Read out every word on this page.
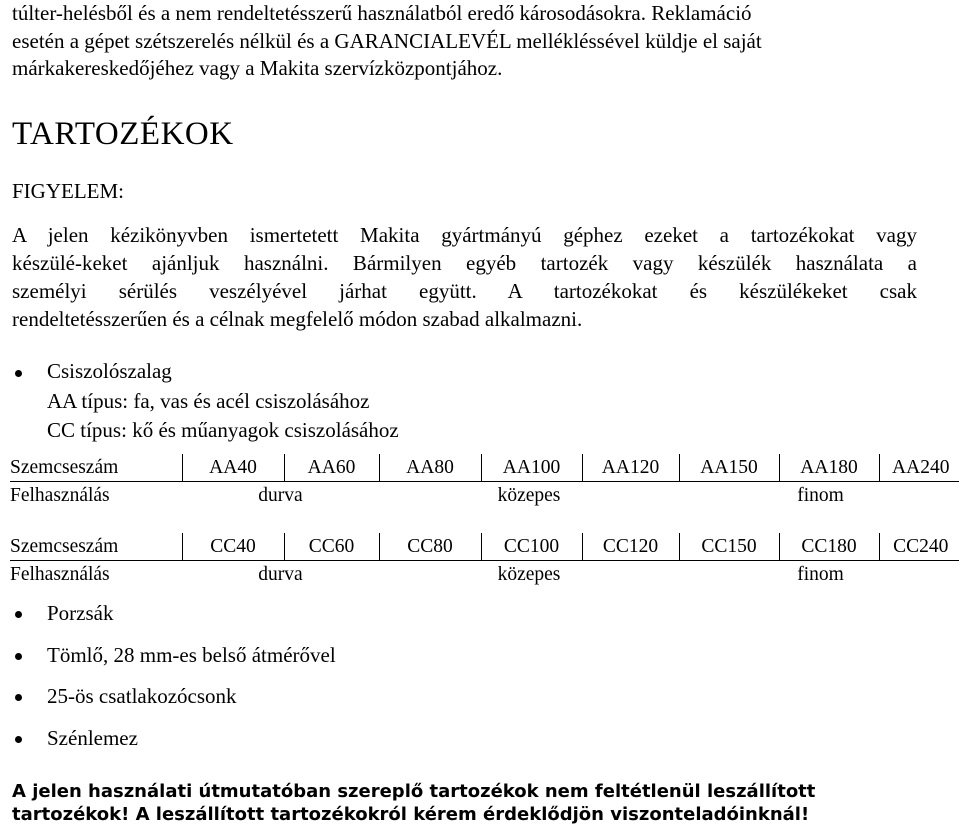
túlter-helésből és a nem rendeltetésszerű használatból eredő károsodásokra. Reklamáció
esetén a gépet szétszerelés nélkül és a GARANCIALEVÉL mellékléssével küldje el saját
márkakereskedőjéhez vagy a Makita szervízközpontjához.
TARTOZÉKOK
FIGYELEM:
A jelen kézikönyvben ismertetett Makita gyártmányú géphez ezeket a tartozékokat vagy
készülé-keket ajánljuk használni. Bármilyen egyéb tartozék vagy készülék használata a
személyi sérülés veszélyével járhat együtt. A tartozékokat és készülékeket csak
rendeltetésszerűen és a célnak megfelelő módon szabad alkalmazni.
Csiszolószalag
AA típus: fa, vas és acél csiszolásához
CC típus: kő és műanyagok csiszolásához
Szemcseszám	AA40	AA60	AA80	AA100	AA120	AA150	AA180	AA240
Felhasználás	durva		közepes			finom		
Szemcseszám	CC40	CC60	CC80	CC100	CC120	CC150	CC180	CC240
Felhasználás	durva		közepes			finom		
Porzsák
Tömlő, 28 mm-es belső átmérővel
25-ös csatlakozócsonk
Szénlemez
A jelen használati útmutatóban szereplő tartozékok nem feltétlenül leszállított
tartozékok! A leszállított tartozékokról kérem érdeklődjön viszonteladóinknál!
